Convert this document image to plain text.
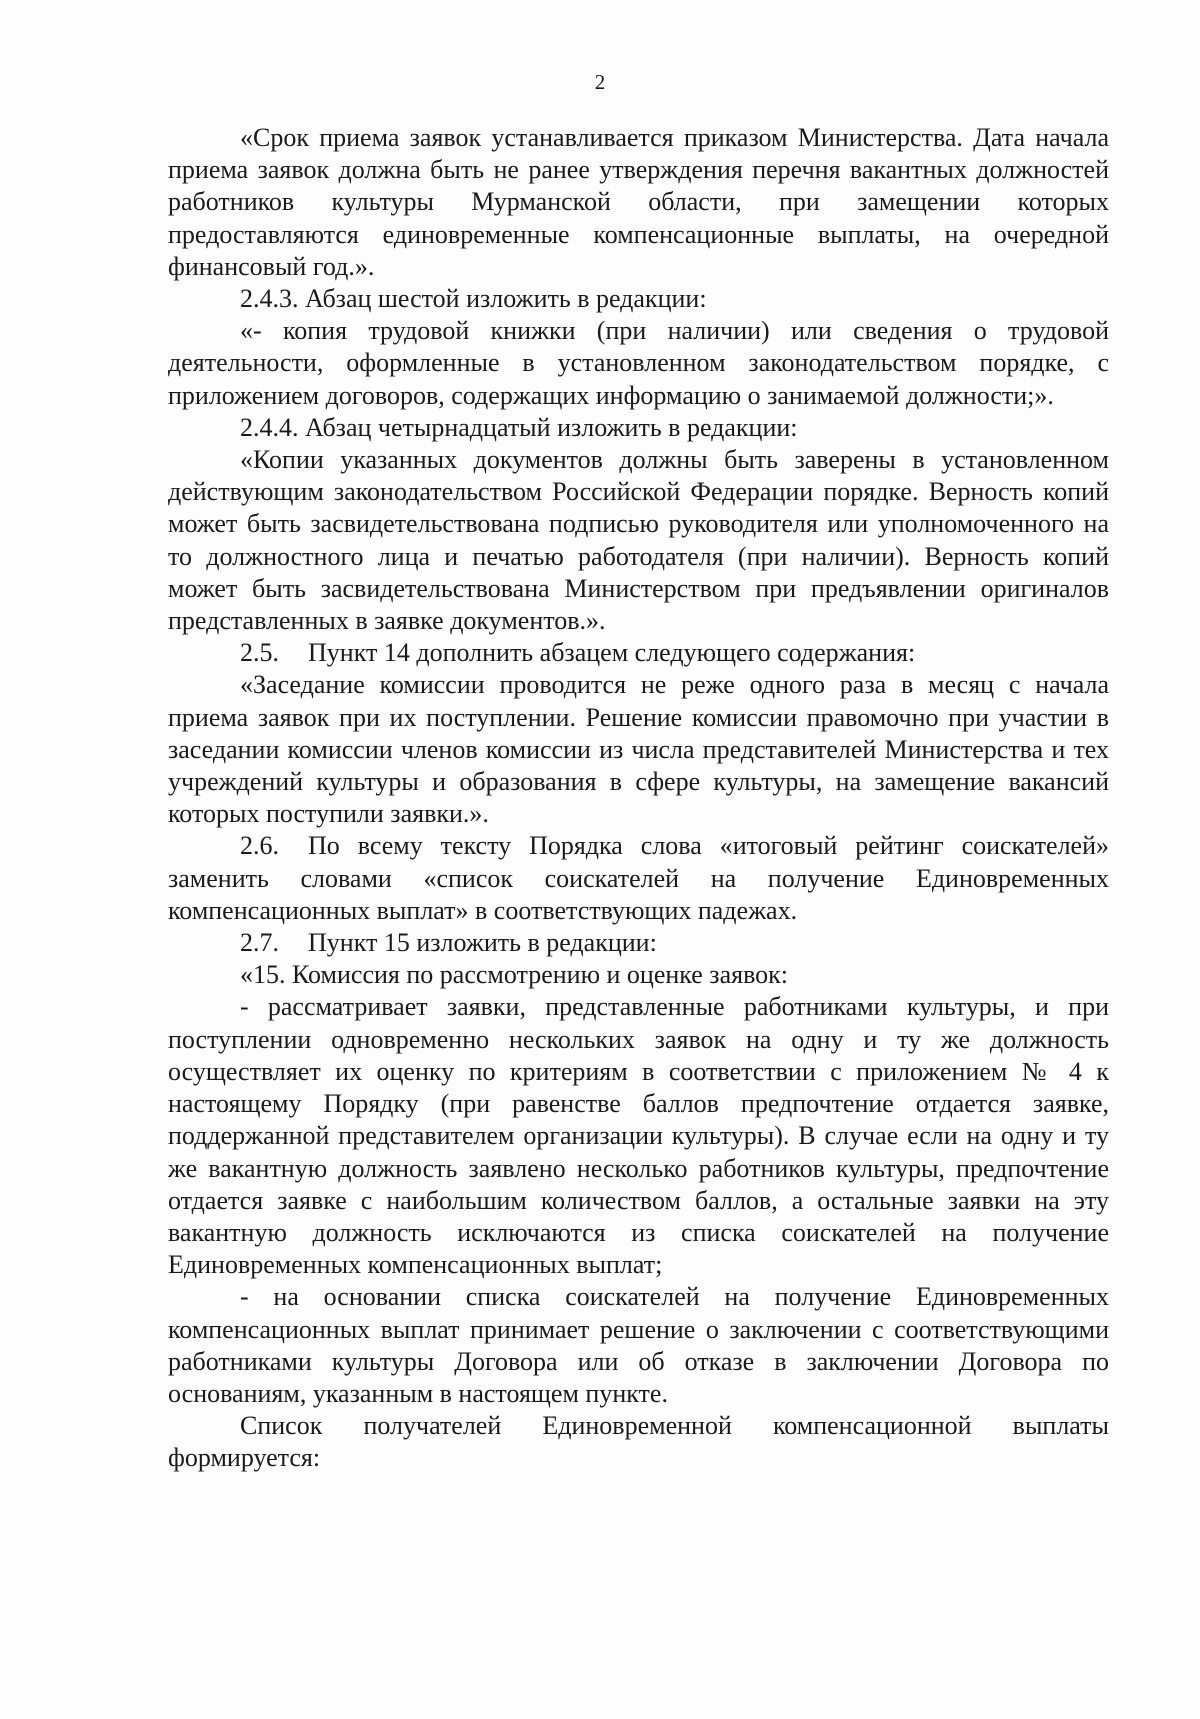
2

«Срок приема заявок устанавливается приказом Министерства. Дата начала приема заявок должна быть не ранее утверждения перечня вакантных должностей работников культуры Мурманской области, при замещении которых предоставляются единовременные компенсационные выплаты, на очередной финансовый год.».

2.4.3. Абзац шестой изложить в редакции:

«- копия трудовой книжки (при наличии) или сведения о трудовой деятельности, оформленные в установленном законодательством порядке, с приложением договоров, содержащих информацию о занимаемой должности;».

2.4.4. Абзац четырнадцатый изложить в редакции:

«Копии указанных документов должны быть заверены в установленном действующим законодательством Российской Федерации порядке. Верность копий может быть засвидетельствована подписью руководителя или уполномоченного на то должностного лица и печатью работодателя (при наличии). Верность копий может быть засвидетельствована Министерством при предъявлении оригиналов представленных в заявке документов.».

2.5. Пункт 14 дополнить абзацем следующего содержания:

«Заседание комиссии проводится не реже одного раза в месяц с начала приема заявок при их поступлении. Решение комиссии правомочно при участии в заседании комиссии членов комиссии из числа представителей Министерства и тех учреждений культуры и образования в сфере культуры, на замещение вакансий которых поступили заявки.».

2.6. По всему тексту Порядка слова «итоговый рейтинг соискателей» заменить словами «список соискателей на получение Единовременных компенсационных выплат» в соответствующих падежах.

2.7. Пункт 15 изложить в редакции:

«15. Комиссия по рассмотрению и оценке заявок:

- рассматривает заявки, представленные работниками культуры, и при поступлении одновременно нескольких заявок на одну и ту же должность осуществляет их оценку по критериям в соответствии с приложением № 4 к настоящему Порядку (при равенстве баллов предпочтение отдается заявке, поддержанной представителем организации культуры). В случае если на одну и ту же вакантную должность заявлено несколько работников культуры, предпочтение отдается заявке с наибольшим количеством баллов, а остальные заявки на эту вакантную должность исключаются из списка соискателей на получение Единовременных компенсационных выплат;

- на основании списка соискателей на получение Единовременных компенсационных выплат принимает решение о заключении с соответствующими работниками культуры Договора или об отказе в заключении Договора по основаниям, указанным в настоящем пункте.

Список получателей Единовременной компенсационной выплаты формируется:
